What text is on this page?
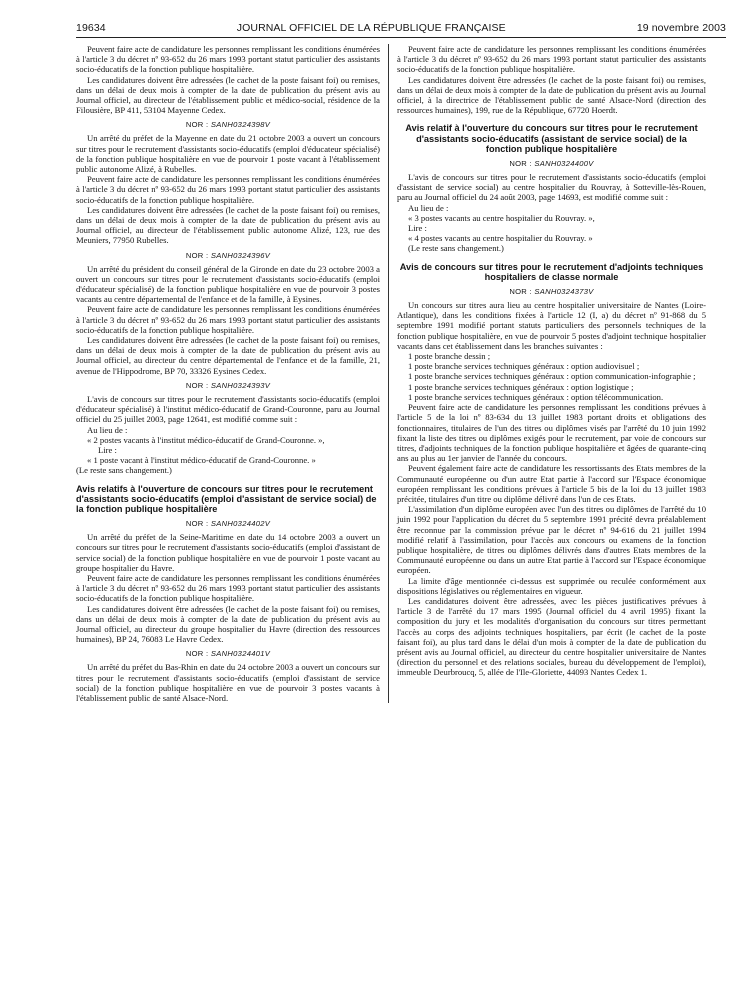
19634	JOURNAL OFFICIEL DE LA RÉPUBLIQUE FRANÇAISE	19 novembre 2003

Peuvent faire acte de candidature les personnes remplissant les conditions énumérées à l'article 3 du décret nº 93-652 du 26 mars 1993 portant statut particulier des assistants socio-éducatifs de la fonction publique hospitalière.

Les candidatures doivent être adressées (le cachet de la poste faisant foi) ou remises, dans un délai de deux mois à compter de la date de publication du présent avis au Journal officiel, au directeur de l'établissement public et médico-social, résidence de la Filousière, BP 411, 53104 Mayenne Cedex.

NOR : SANH0324398V

Un arrêté du préfet de la Mayenne en date du 21 octobre 2003 a ouvert un concours sur titres pour le recrutement d'assistants socio-éducatifs (emploi d'éducateur spécialisé) de la fonction publique hospitalière en vue de pourvoir 1 poste vacant à l'établissement public autonome Alizé, à Rubelles.

Peuvent faire acte de candidature les personnes remplissant les conditions énumérées à l'article 3 du décret nº 93-652 du 26 mars 1993 portant statut particulier des assistants socio-éducatifs de la fonction publique hospitalière.

Les candidatures doivent être adressées (le cachet de la poste faisant foi) ou remises, dans un délai de deux mois à compter de la date de publication du présent avis au Journal officiel, au directeur de l'établissement public autonome Alizé, 123, rue des Meuniers, 77950 Rubelles.

NOR : SANH0324396V

Un arrêté du président du conseil général de la Gironde en date du 23 octobre 2003 a ouvert un concours sur titres pour le recrutement d'assistants socio-éducatifs (emploi d'éducateur spécialisé) de la fonction publique hospitalière en vue de pourvoir 3 postes vacants au centre départemental de l'enfance et de la famille, à Eysines.

Peuvent faire acte de candidature les personnes remplissant les conditions énumérées à l'article 3 du décret nº 93-652 du 26 mars 1993 portant statut particulier des assistants socio-éducatifs de la fonction publique hospitalière.

Les candidatures doivent être adressées (le cachet de la poste faisant foi) ou remises, dans un délai de deux mois à compter de la date de publication du présent avis au Journal officiel, au directeur du centre départemental de l'enfance et de la famille, 21, avenue de l'Hippodrome, BP 70, 33326 Eysines Cedex.

NOR : SANH0324393V

L'avis de concours sur titres pour le recrutement d'assistants socio-éducatifs (emploi d'éducateur spécialisé) à l'institut médico-éducatif de Grand-Couronne, paru au Journal officiel du 25 juillet 2003, page 12641, est modifié comme suit :

Au lieu de :

« 2 postes vacants à l'institut médico-éducatif de Grand-Couronne. »,

Lire :

« 1 poste vacant à l'institut médico-éducatif de Grand-Couronne. »

(Le reste sans changement.)

Avis relatifs à l'ouverture de concours sur titres pour le recrutement d'assistants socio-éducatifs (emploi d'assistant de service social) de la fonction publique hospitalière
NOR : SANH0324402V

Un arrêté du préfet de la Seine-Maritime en date du 14 octobre 2003 a ouvert un concours sur titres pour le recrutement d'assistants socio-éducatifs (emploi d'assistant de service social) de la fonction publique hospitalière en vue de pourvoir 1 poste vacant au groupe hospitalier du Havre.

Peuvent faire acte de candidature les personnes remplissant les conditions énumérées à l'article 3 du décret nº 93-652 du 26 mars 1993 portant statut particulier des assistants socio-éducatifs de la fonction publique hospitalière.

Les candidatures doivent être adressées (le cachet de la poste faisant foi) ou remises, dans un délai de deux mois à compter de la date de publication du présent avis au Journal officiel, au directeur du groupe hospitalier du Havre (direction des ressources humaines), BP 24, 76083 Le Havre Cedex.

NOR : SANH0324401V

Un arrêté du préfet du Bas-Rhin en date du 24 octobre 2003 a ouvert un concours sur titres pour le recrutement d'assistants socio-éducatifs (emploi d'assistant de service social) de la fonction publique hospitalière en vue de pourvoir 3 postes vacants à l'établissement public de santé Alsace-Nord.

Peuvent faire acte de candidature les personnes remplissant les conditions énumérées à l'article 3 du décret nº 93-652 du 26 mars 1993 portant statut particulier des assistants socio-éducatifs de la fonction publique hospitalière.

Les candidatures doivent être adressées (le cachet de la poste faisant foi) ou remises, dans un délai de deux mois à compter de la date de publication du présent avis au Journal officiel, à la directrice de l'établissement public de santé Alsace-Nord (direction des ressources humaines), 199, rue de la République, 67720 Hoerdt.

Avis relatif à l'ouverture du concours sur titres pour le recrutement d'assistants socio-éducatifs (assistant de service social) de la fonction publique hospitalière
NOR : SANH0324400V

L'avis de concours sur titres pour le recrutement d'assistants socio-éducatifs (emploi d'assistant de service social) au centre hospitalier du Rouvray, à Sotteville-lès-Rouen, paru au Journal officiel du 24 août 2003, page 14693, est modifié comme suit :

Au lieu de :

« 3 postes vacants au centre hospitalier du Rouvray. »,

Lire :

« 4 postes vacants au centre hospitalier du Rouvray. »

(Le reste sans changement.)

Avis de concours sur titres pour le recrutement d'adjoints techniques hospitaliers de classe normale
NOR : SANH0324373V

Un concours sur titres aura lieu au centre hospitalier universitaire de Nantes (Loire-Atlantique), dans les conditions fixées à l'article 12 (I, a) du décret nº 91-868 du 5 septembre 1991 modifié portant statuts particuliers des personnels techniques de la fonction publique hospitalière, en vue de pourvoir 5 postes d'adjoint technique hospitalier vacants dans cet établissement dans les branches suivantes :

1 poste branche dessin ;

1 poste branche services techniques généraux : option audiovisuel ;

1 poste branche services techniques généraux : option communication-infographie ;

1 poste branche services techniques généraux : option logistique ;

1 poste branche services techniques généraux : option télécommunication.

Peuvent faire acte de candidature les personnes remplissant les conditions prévues à l'article 5 de la loi nº 83-634 du 13 juillet 1983 portant droits et obligations des fonctionnaires, titulaires de l'un des titres ou diplômes visés par l'arrêté du 10 juin 1992 fixant la liste des titres ou diplômes exigés pour le recrutement, par voie de concours sur titres, d'adjoints techniques de la fonction publique hospitalière et âgées de quarante-cinq ans au plus au 1er janvier de l'année du concours.

Peuvent également faire acte de candidature les ressortissants des Etats membres de la Communauté européenne ou d'un autre Etat partie à l'accord sur l'Espace économique européen remplissant les conditions prévues à l'article 5 bis de la loi du 13 juillet 1983 précitée, titulaires d'un titre ou diplôme délivré dans l'un de ces Etats.

L'assimilation d'un diplôme européen avec l'un des titres ou diplômes de l'arrêté du 10 juin 1992 pour l'application du décret du 5 septembre 1991 précité devra préalablement être reconnue par la commission prévue par le décret nº 94-616 du 21 juillet 1994 modifié relatif à l'assimilation, pour l'accès aux concours ou examens de la fonction publique hospitalière, de titres ou diplômes délivrés dans d'autres Etats membres de la Communauté européenne ou dans un autre Etat partie à l'accord sur l'Espace économique européen.

La limite d'âge mentionnée ci-dessus est supprimée ou reculée conformément aux dispositions législatives ou réglementaires en vigueur.

Les candidatures doivent être adressées, avec les pièces justificatives prévues à l'article 3 de l'arrêté du 17 mars 1995 (Journal officiel du 4 avril 1995) fixant la composition du jury et les modalités d'organisation du concours sur titres permettant l'accès au corps des adjoints techniques hospitaliers, par écrit (le cachet de la poste faisant foi), au plus tard dans le délai d'un mois à compter de la date de publication du présent avis au Journal officiel, au directeur du centre hospitalier universitaire de Nantes (direction du personnel et des relations sociales, bureau du développement de l'emploi), immeuble Deurbroucq, 5, allée de l'Ile-Gloriette, 44093 Nantes Cedex 1.
